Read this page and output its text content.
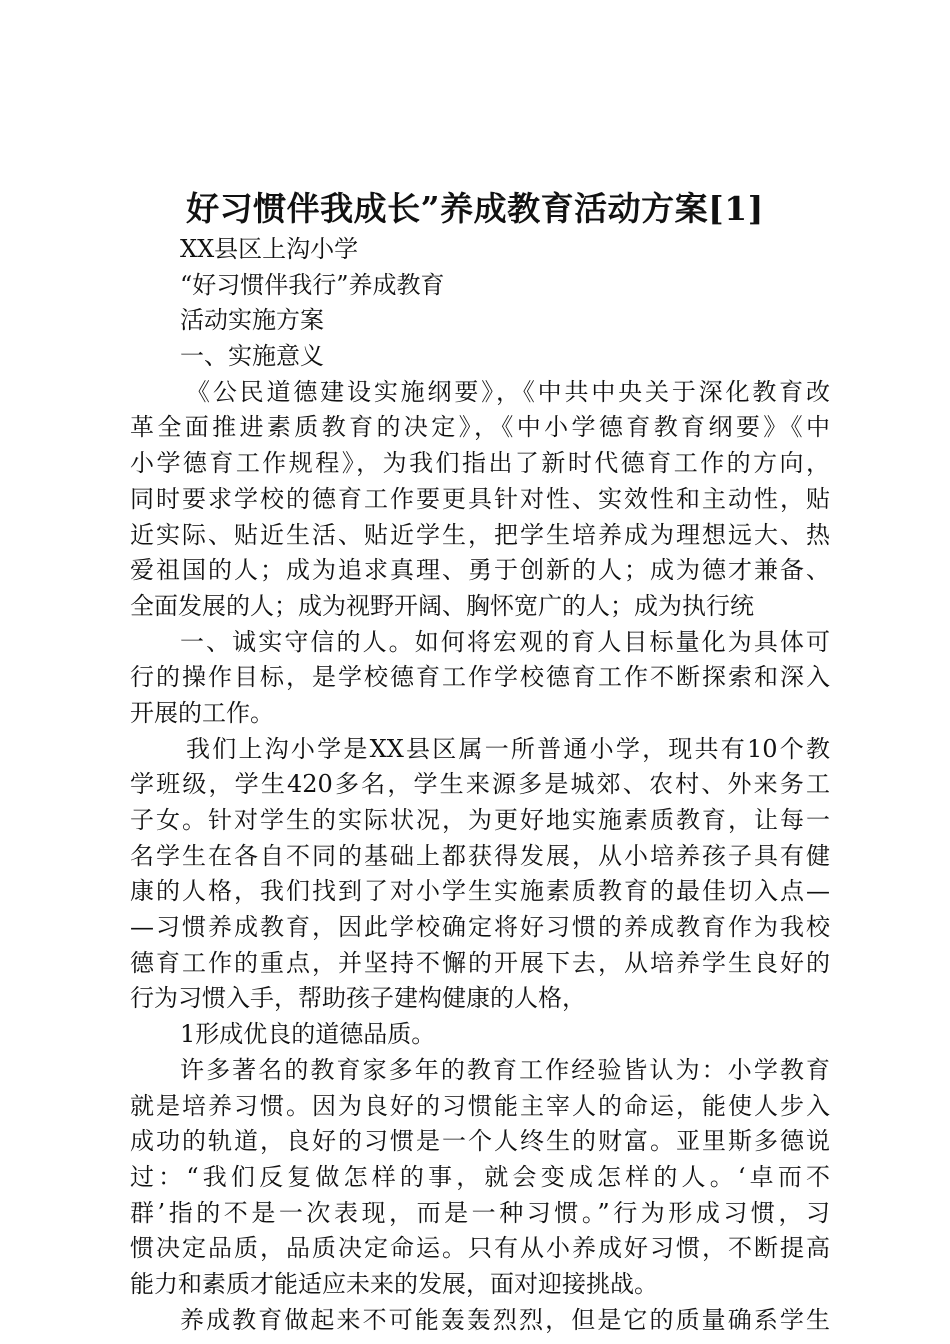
好习惯伴我成长”养成教育活动方案[1]
XX县区上沟小学
“好习惯伴我行”养成教育
活动实施方案
一、实施意义
《公民道德建设实施纲要》，《中共中央关于深化教育改
革全面推进素质教育的决定》，《中小学德育教育纲要》《中
小学德育工作规程》，为我们指出了新时代德育工作的方向，
同时要求学校的德育工作要更具针对性、实效性和主动性，贴
近实际、贴近生活、贴近学生，把学生培养成为理想远大、热
爱祖国的人；成为追求真理、勇于创新的人；成为德才兼备、
全面发展的人；成为视野开阔、胸怀宽广的人；成为执行统
一、诚实守信的人。如何将宏观的育人目标量化为具体可
行的操作目标，是学校德育工作学校德育工作不断探索和深入
开展的工作。
我们上沟小学是XX县区属一所普通小学，现共有10个教
学班级，学生420多名，学生来源多是城郊、农村、外来务工
子女。针对学生的实际状况，为更好地实施素质教育，让每一
名学生在各自不同的基础上都获得发展，从小培养孩子具有健
康的人格，我们找到了对小学生实施素质教育的最佳切入点—
—习惯养成教育，因此学校确定将好习惯的养成教育作为我校
德育工作的重点，并坚持不懈的开展下去，从培养学生良好的
行为习惯入手，帮助孩子建构健康的人格，
1形成优良的道德品质。
许多著名的教育家多年的教育工作经验皆认为：小学教育
就是培养习惯。因为良好的习惯能主宰人的命运，能使人步入
成功的轨道，良好的习惯是一个人终生的财富。亚里斯多德说
过：“我们反复做怎样的事，就会变成怎样的人。‘卓而不
群’指的不是一次表现，而是一种习惯。”行为形成习惯，习
惯决定品质，品质决定命运。只有从小养成好习惯，不断提高
能力和素质才能适应未来的发展，面对迎接挑战。
养成教育做起来不可能轰轰烈烈，但是它的质量确系学生
